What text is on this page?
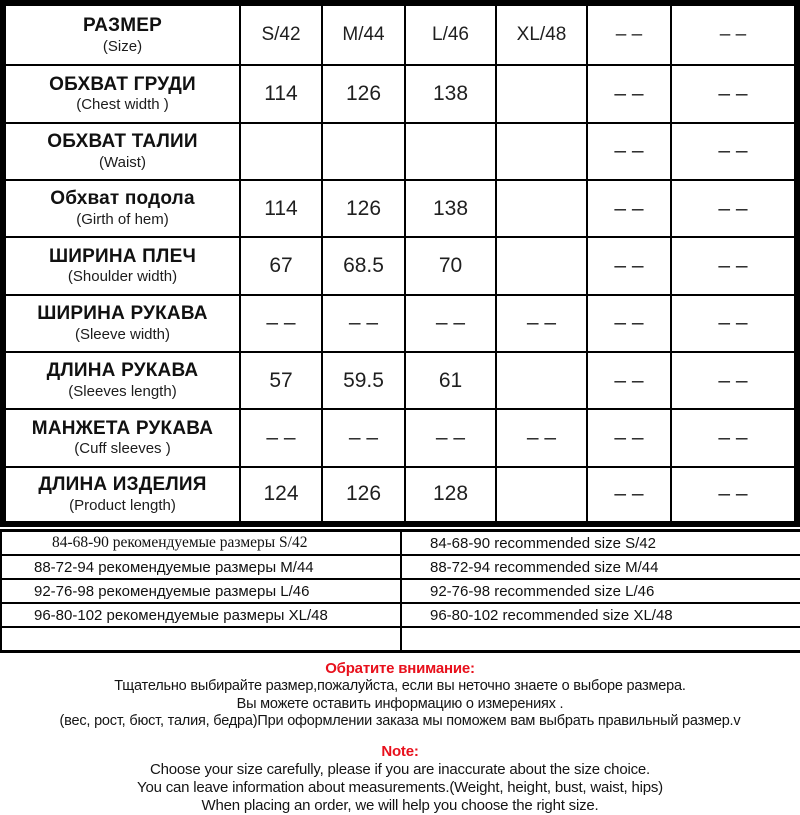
РАЗМЕР
(Size)	S/42	M/44	L/46	XL/48	– –	– –

ОБХВАТ ГРУДИ
(Chest width )	114	126	138		– –	– –

ОБХВАТ ТАЛИИ
(Waist)					– –	– –

Обхват подола
(Girth of hem)	114	126	138		– –	– –

ШИРИНА ПЛЕЧ
(Shoulder width)	67	68.5	70		– –	– –

ШИРИНА РУКАВА
(Sleeve width)	– –	– –	– –	– –	– –	– –

ДЛИНА РУКАВА
(Sleeves length)	57	59.5	61		– –	– –

МАНЖЕТА РУКАВА
(Cuff sleeves )	– –	– –	– –	– –	– –	– –

ДЛИНА ИЗДЕЛИЯ
(Product length)	124	126	128		– –	– –
84-68-90 рекомендуемые размеры S/42	84-68-90 recommended size S/42
88-72-94 рекомендуемые размеры M/44	88-72-94 recommended size M/44
92-76-98 рекомендуемые размеры L/46	92-76-98 recommended size L/46
96-80-102 рекомендуемые размеры XL/48	96-80-102 recommended size XL/48

Обратите внимание:
Тщательно выбирайте размер,пожалуйста, если вы неточно знаете о выборе размера.
Вы можете оставить информацию о измерениях .
(вес, рост, бюст, талия, бедра)При оформлении заказа мы поможем вам выбрать правильный размер.v
Note:
Choose your size carefully, please if you are inaccurate about the size choice.
You can leave information about measurements.(Weight, height, bust, waist, hips)
When placing an order, we will help you choose the right size.
